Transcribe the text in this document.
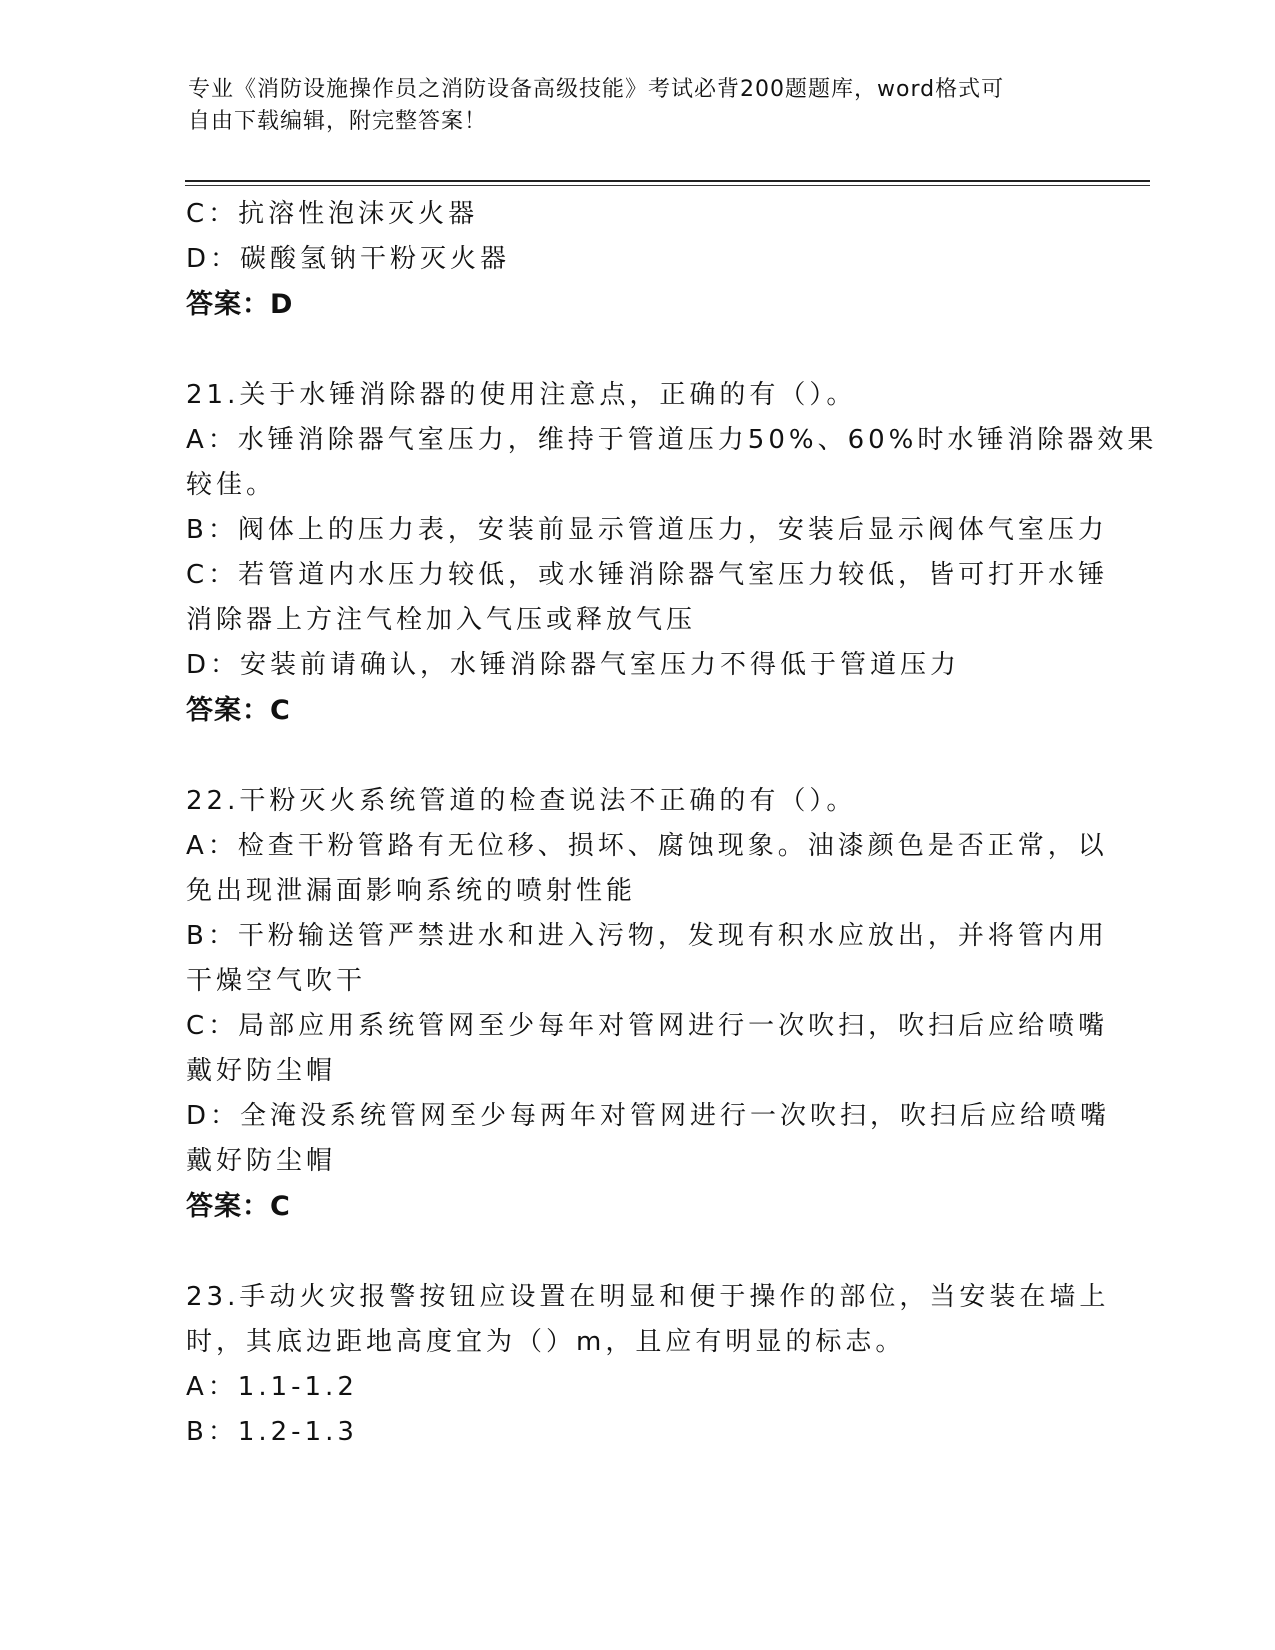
专业《消防设施操作员之消防设备高级技能》考试必背200题题库，word格式可
自由下载编辑，附完整答案！
C：抗溶性泡沫灭火器
D：碳酸氢钠干粉灭火器
答案：D
21.关于水锤消除器的使用注意点，正确的有（）。
A：水锤消除器气室压力，维持于管道压力50%、60%时水锤消除器效果
较佳。
B：阀体上的压力表，安装前显示管道压力，安装后显示阀体气室压力
C：若管道内水压力较低，或水锤消除器气室压力较低，皆可打开水锤
消除器上方注气栓加入气压或释放气压
D：安装前请确认，水锤消除器气室压力不得低于管道压力
答案：C
22.干粉灭火系统管道的检查说法不正确的有（）。
A：检查干粉管路有无位移、损坏、腐蚀现象。油漆颜色是否正常，以
免出现泄漏面影响系统的喷射性能
B：干粉输送管严禁进水和进入污物，发现有积水应放出，并将管内用
干燥空气吹干
C：局部应用系统管网至少每年对管网进行一次吹扫，吹扫后应给喷嘴
戴好防尘帽
D：全淹没系统管网至少每两年对管网进行一次吹扫，吹扫后应给喷嘴
戴好防尘帽
答案：C
23.手动火灾报警按钮应设置在明显和便于操作的部位，当安装在墙上
时，其底边距地高度宜为（）m，且应有明显的标志。
A：1.1-1.2
B：1.2-1.3
